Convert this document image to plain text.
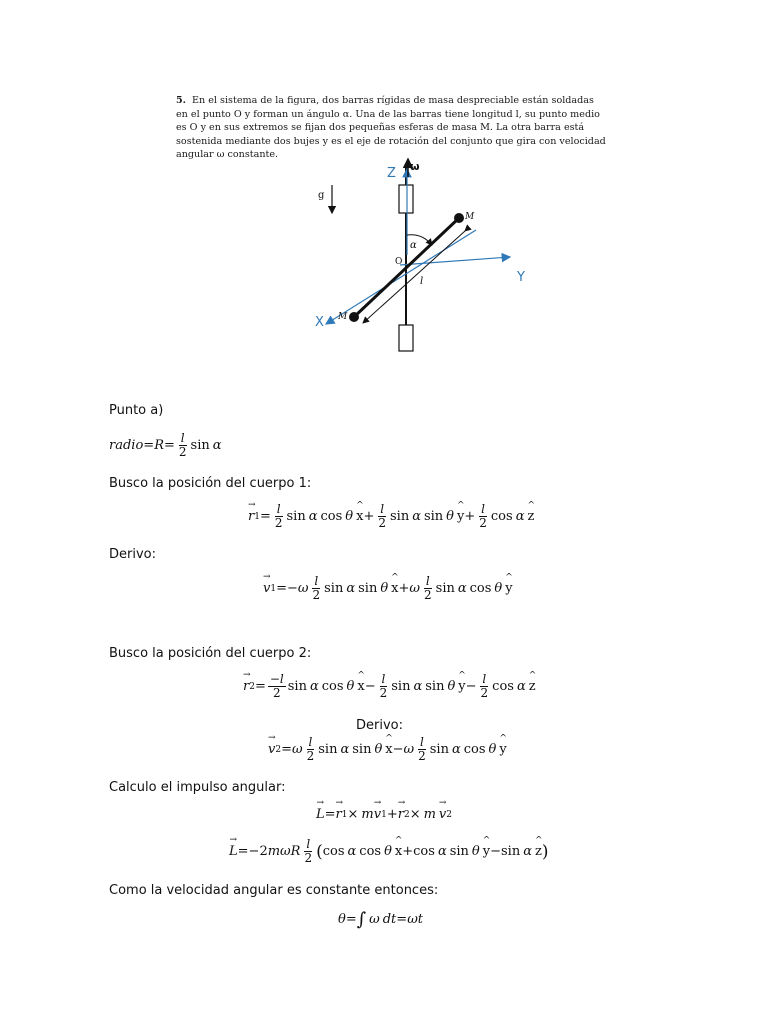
5. En el sistema de la figura, dos barras rígidas de masa despreciable están soldadas en el punto O y forman un ángulo α. Una de las barras tiene longitud l, su punto medio es O y en sus extremos se fijan dos pequeñas esferas de masa M. La otra barra está sostenida mediante dos bujes y es el eje de rotación del conjunto que gira con velocidad angular ω constante.
Z ω
g
M
α
O
l	Y
X M
Punto a)
radio = $R = \frac{l}{2}$ sin α
Busco la posición del cuerpo 1:
→ r $1 = \frac{l}{2}$ sin α cos θ ^ $x + \frac{l}{2}$ sin α sin θ ^ $y + \frac{l}{2}$ cos α ^ z
Derivo:
→ v 1 =− ω $\frac{l}{2}$ sin α sin θ ^ x + ω $\frac{l}{2}$ sin α cos θ ^ y
Busco la posición del cuerpo 2:
→ r $2 = \frac{-l}{2}$ sin α cos θ ^ $x - \frac{l}{2}$ sin α sin θ ^ $y - \frac{l}{2}$ cos α ^ z
Derivo:
→ v 2 = ω $\frac{l}{2}$ sin α sin θ ^ x − ω $\frac{l}{2}$ sin α cos θ ^ y
Calculo el impulso angular:
→ L = → r 1 × m → v 1 + → r 2 × m → v 2
→ L = −2 m ω R $\frac{l}{2}$ ( cos α cos θ ^ x + cos α sin θ ^ y − sin α ^ z )
Como la velocidad angular es constante entonces:
θ = ∫ ω dt = ω t
